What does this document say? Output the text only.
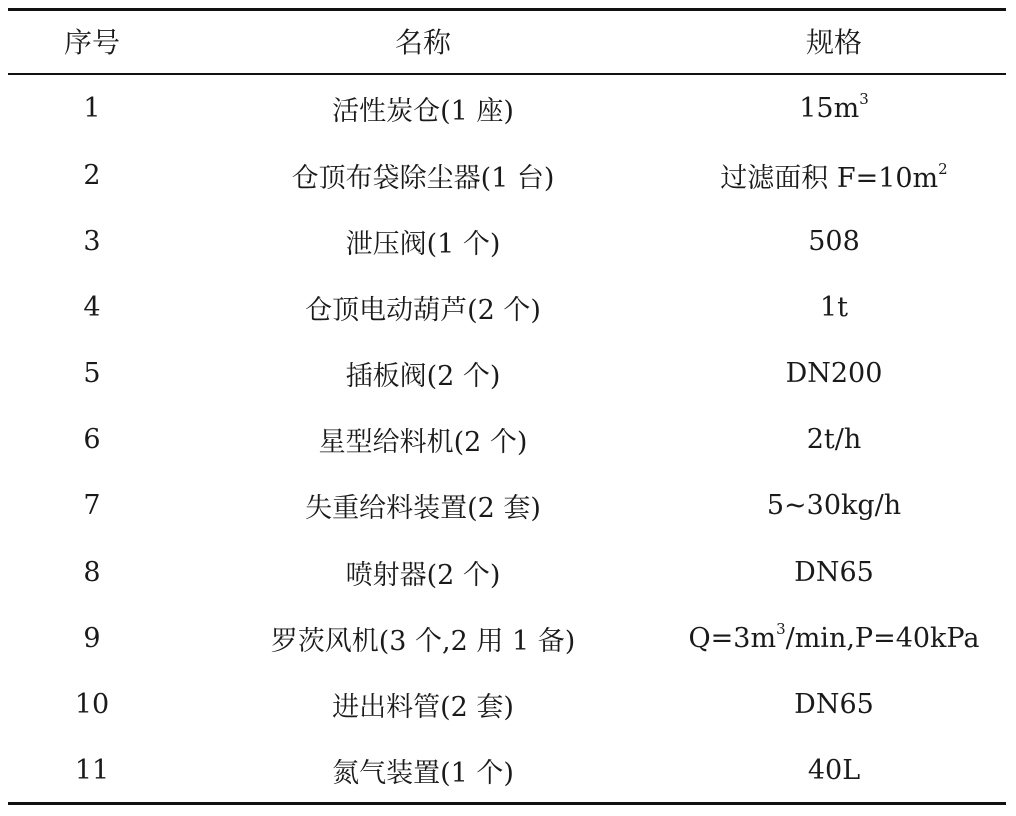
序号	名称	规格
1	活性炭仓(1 座)	$15m^3$
2	仓顶布袋除尘器(1 台)	过滤面积 $F=10m^2$
3	泄压阀(1 个)	508
4	仓顶电动葫芦(2 个)	1t
5	插板阀(2 个)	DN200
6	星型给料机(2 个)	2t/h
7	失重给料装置(2 套)	5~30kg/h
8	喷射器(2 个)	DN65
9	罗茨风机(3 个,2 用 1 备)	$Q=3m^3/\min,P=40kPa$
10	进出料管(2 套)	DN65
11	氮气装置(1 个)	40L
